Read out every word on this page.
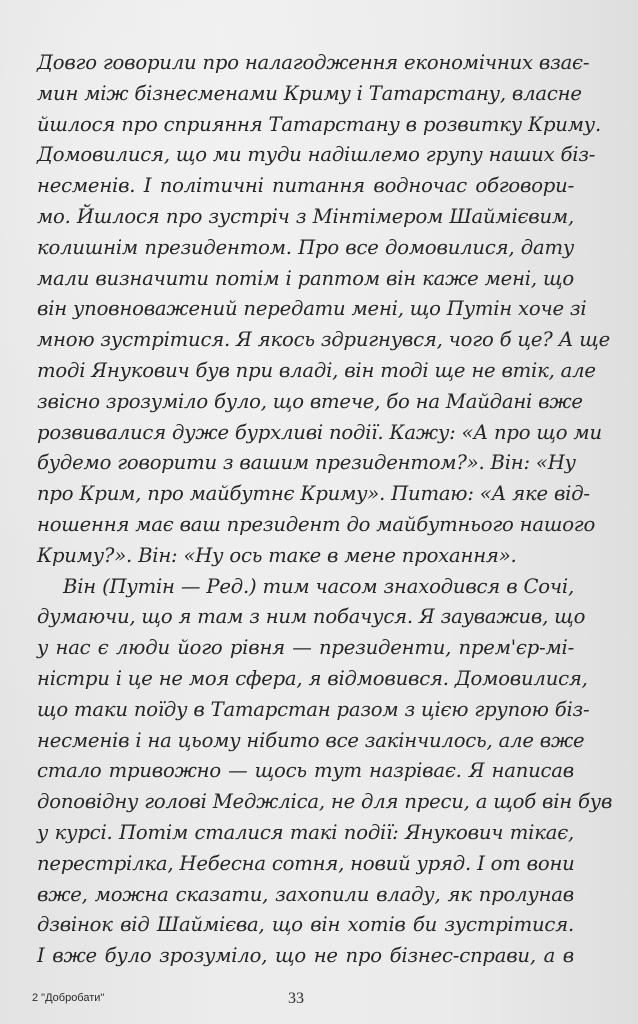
Довго говорили про налагодження економічних взає-
мин між бізнесменами Криму і Татарстану, власне
йшлося про сприяння Татарстану в розвитку Криму.
Домовилися, що ми туди надішлемо групу наших біз-
несменів. І політичні питання водночас обговори-
мо. Йшлося про зустріч з Мінтімером Шаймієвим,
колишнім президентом. Про все домовилися, дату
мали визначити потім і раптом він каже мені, що
він уповноважений передати мені, що Путін хоче зі
мною зустрітися. Я якось здригнувся, чого б це? А ще
тоді Янукович був при владі, він тоді ще не втік, але
звісно зрозуміло було, що втече, бо на Майдані вже
розвивалися дуже бурхливі події. Кажу: «А про що ми
будемо говорити з вашим президентом?». Він: «Ну
про Крим, про майбутнє Криму». Питаю: «А яке від-
ношення має ваш президент до майбутнього нашого
Криму?». Він: «Ну ось таке в мене прохання».
Він (Путін — Ред.) тим часом знаходився в Сочі,
думаючи, що я там з ним побачуся. Я зауважив, що
у нас є люди його рівня — президенти, прем'єр-мі-
ністри і це не моя сфера, я відмовився. Домовилися,
що таки поїду в Татарстан разом з цією групою біз-
несменів і на цьому нібито все закінчилось, але вже
стало тривожно — щось тут назріває. Я написав
доповідну голові Меджліса, не для преси, а щоб він був
у курсі. Потім сталися такі події: Янукович тікає,
перестрілка, Небесна сотня, новий уряд. І от вони
вже, можна сказати, захопили владу, як пролунав
дзвінок від Шаймієва, що він хотів би зустрітися.
І вже було зрозуміло, що не про бізнес-справи, а в
2 "Добробати"	33
